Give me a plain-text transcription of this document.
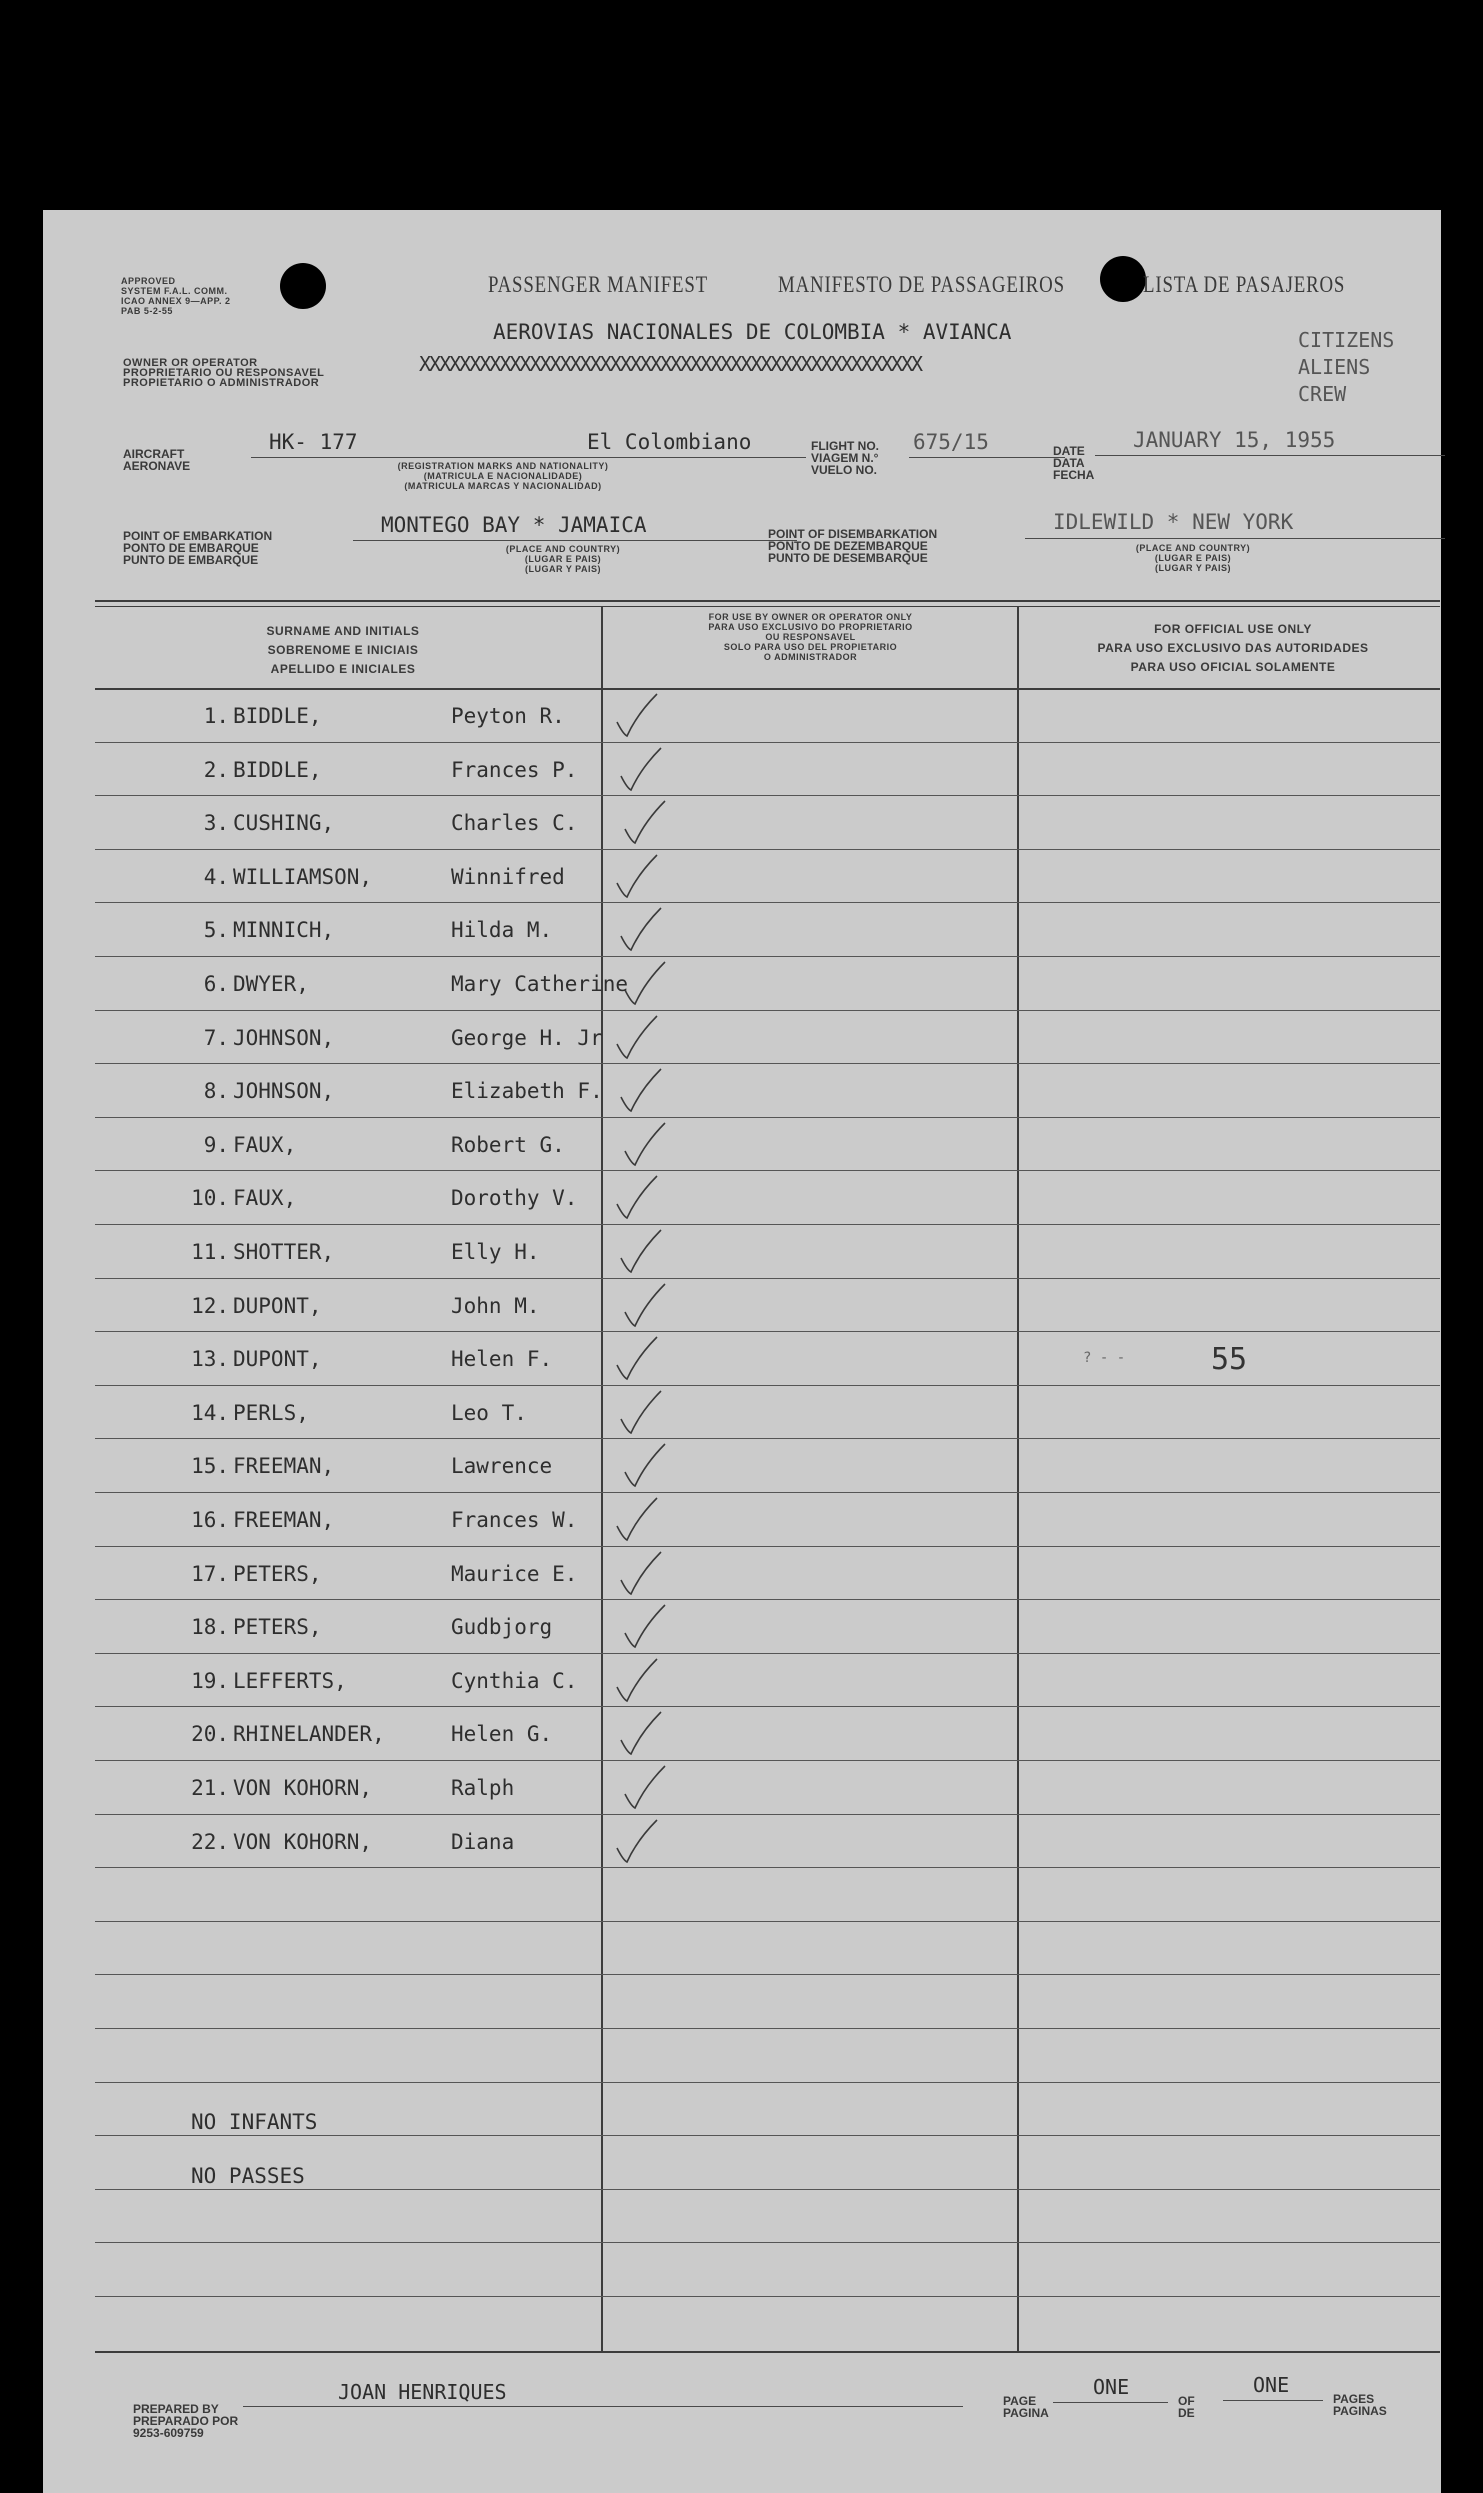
APPROVED
SYSTEM F.A.L. COMM.
ICAO ANNEX 9—APP. 2
PAB 5-2-55
PASSENGER MANIFEST	MANIFESTO DE PASSAGEIROS	LISTA DE PASAJEROS
OWNER OR OPERATOR
PROPRIETARIO OU RESPONSAVEL
PROPIETARIO O ADMINISTRADOR
AEROVIAS NACIONALES DE COLOMBIA * AVIANCA
XXXXXXXXXXXXXXXXXXXXXXXXXXXXXXXXXXXXXXXXXXXXXXXXXX
CITIZENS
ALIENS
CREW
AIRCRAFT
AERONAVE
HK- 177	El Colombiano
(REGISTRATION MARKS AND NATIONALITY)
(MATRICULA E NACIONALIDADE)
(MATRICULA MARCAS Y NACIONALIDAD)
FLIGHT NO.
VIAGEM N.°
VUELO NO.
675/15	DATE
DATA
FECHA
JANUARY 15, 1955
POINT OF EMBARKATION
PONTO DE EMBARQUE
PUNTO DE EMBARQUE
MONTEGO BAY * JAMAICA
(PLACE AND COUNTRY)
(LUGAR E PAIS)
(LUGAR Y PAIS)
POINT OF DISEMBARKATION
PONTO DE DEZEMBARQUE
PUNTO DE DESEMBARQUE
IDLEWILD * NEW YORK
(PLACE AND COUNTRY)
(LUGAR E PAIS)
(LUGAR Y PAIS)
SURNAME AND INITIALS
SOBRENOME E INICIAIS
APELLIDO E INICIALES
FOR USE BY OWNER OR OPERATOR ONLY
PARA USO EXCLUSIVO DO PROPRIETARIO
OU RESPONSAVEL
SOLO PARA USO DEL PROPIETARIO
O ADMINISTRADOR
FOR OFFICIAL USE ONLY
PARA USO EXCLUSIVO DAS AUTORIDADES
PARA USO OFICIAL SOLAMENTE
1. BIDDLE,	Peyton R.
2. BIDDLE,	Frances P.
3. CUSHING,	Charles C.
4. WILLIAMSON,	Winnifred
5. MINNICH,	Hilda M.
6. DWYER,	Mary Catherine
7. JOHNSON,	George H. Jr
8. JOHNSON,	Elizabeth F.
9. FAUX,	Robert G.
10. FAUX,	Dorothy V.
11. SHOTTER,	Elly H.
12. DUPONT,	John M.
13. DUPONT,	Helen F.
14. PERLS,	Leo T.
15. FREEMAN,	Lawrence
16. FREEMAN,	Frances W.
17. PETERS,	Maurice E.
18. PETERS,	Gudbjorg
19. LEFFERTS,	Cynthia C.
20. RHINELANDER,	Helen G.
21. VON KOHORN,	Ralph
22. VON KOHORN,	Diana
? - -	55
NO INFANTS
NO PASSES
PREPARED BY
PREPARADO POR
9253-609759
JOAN HENRIQUES	PAGE
PAGINA
ONE
OF
DE
ONE
PAGES
PAGINAS
